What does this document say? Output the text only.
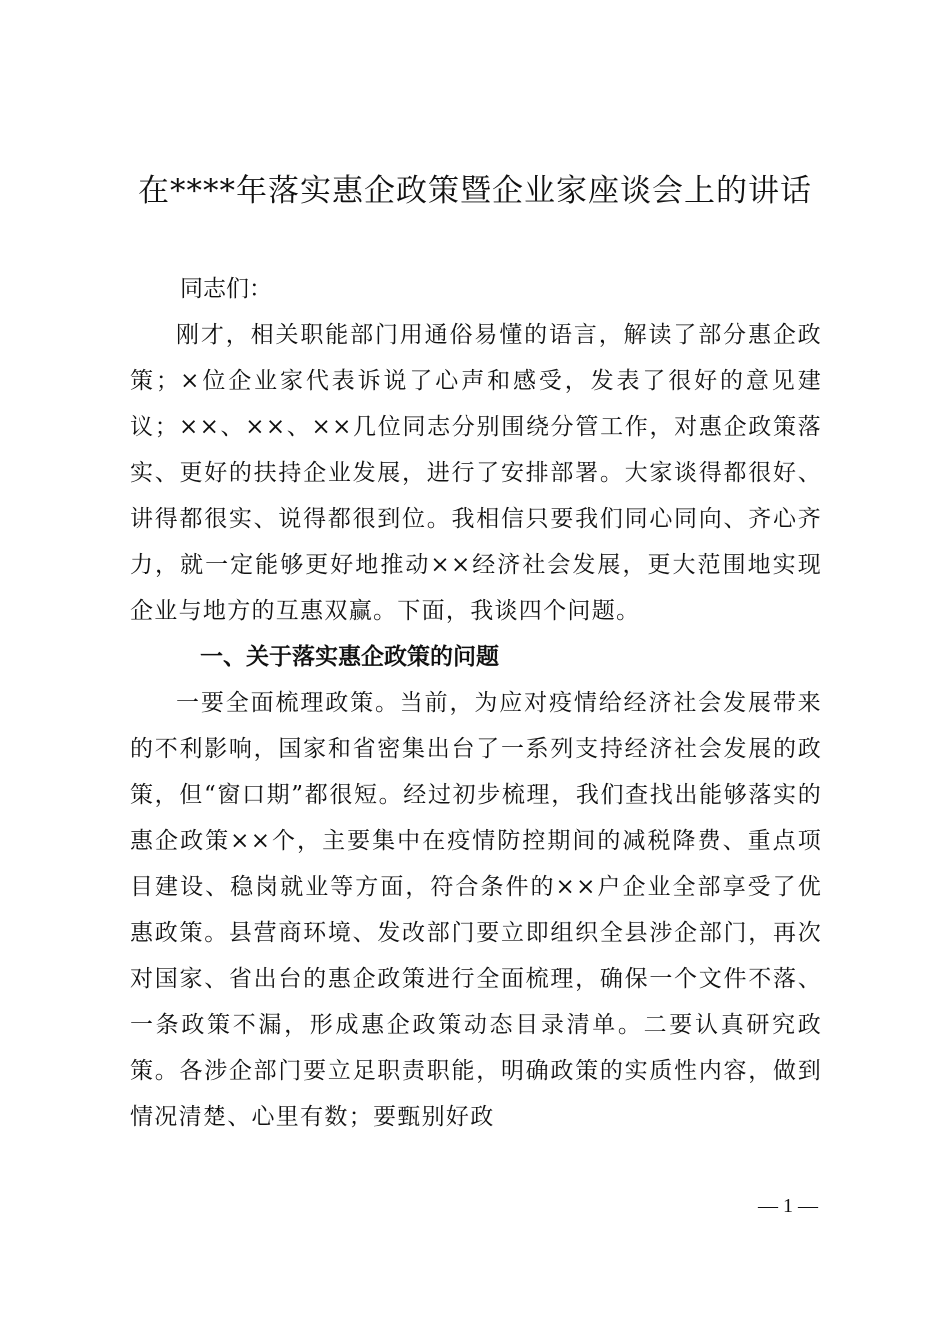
在****年落实惠企政策暨企业家座谈会上的讲话

同志们：

刚才，相关职能部门用通俗易懂的语言，解读了部分惠企政策；×位企业家代表诉说了心声和感受，发表了很好的意见建议；××、××、××几位同志分别围绕分管工作，对惠企政策落实、更好的扶持企业发展，进行了安排部署。大家谈得都很好、讲得都很实、说得都很到位。我相信只要我们同心同向、齐心齐力，就一定能够更好地推动××经济社会发展，更大范围地实现企业与地方的互惠双赢。下面，我谈四个问题。

一、关于落实惠企政策的问题

一要全面梳理政策。当前，为应对疫情给经济社会发展带来的不利影响，国家和省密集出台了一系列支持经济社会发展的政策，但“窗口期”都很短。经过初步梳理，我们查找出能够落实的惠企政策××个，主要集中在疫情防控期间的减税降费、重点项目建设、稳岗就业等方面，符合条件的××户企业全部享受了优惠政策。县营商环境、发改部门要立即组织全县涉企部门，再次对国家、省出台的惠企政策进行全面梳理，确保一个文件不落、一条政策不漏，形成惠企政策动态目录清单。二要认真研究政策。各涉企部门要立足职责职能，明确政策的实质性内容，做到情况清楚、心里有数；要甄别好政

— 1 —
